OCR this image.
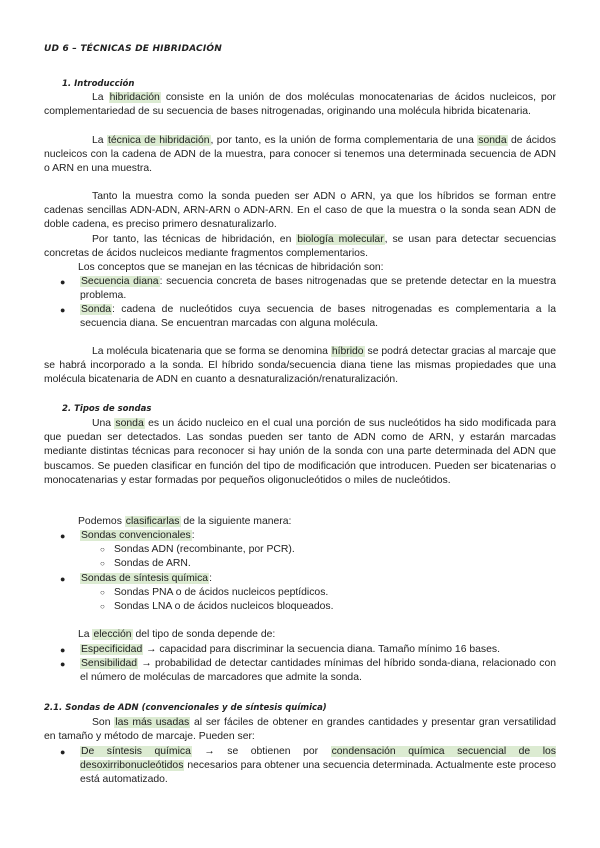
UD 6 – TÉCNICAS DE HIBRIDACIÓN
1. Introducción

La hibridación consiste en la unión de dos moléculas monocatenarias de ácidos nucleicos, por complementariedad de su secuencia de bases nitrogenadas, originando una molécula hibrida bicatenaria.

La técnica de hibridación, por tanto, es la unión de forma complementaria de una sonda de ácidos nucleicos con la cadena de ADN de la muestra, para conocer si tenemos una determinada secuencia de ADN o ARN en una muestra.

Tanto la muestra como la sonda pueden ser ADN o ARN, ya que los híbridos se forman entre cadenas sencillas ADN-ADN, ARN-ARN o ADN-ARN. En el caso de que la muestra o la sonda sean ADN de doble cadena, es preciso primero desnaturalizarlo.

Por tanto, las técnicas de hibridación, en biología molecular, se usan para detectar secuencias concretas de ácidos nucleicos mediante fragmentos complementarios.

Los conceptos que se manejan en las técnicas de hibridación son:

● Secuencia diana: secuencia concreta de bases nitrogenadas que se pretende detectar en la muestra problema.
● Sonda: cadena de nucleótidos cuya secuencia de bases nitrogenadas es complementaria a la secuencia diana. Se encuentran marcadas con alguna molécula.

La molécula bicatenaria que se forma se denomina híbrido se podrá detectar gracias al marcaje que se habrá incorporado a la sonda. El híbrido sonda/secuencia diana tiene las mismas propiedades que una molécula bicatenaria de ADN en cuanto a desnaturalización/renaturalización.

2. Tipos de sondas

Una sonda es un ácido nucleico en el cual una porción de sus nucleótidos ha sido modificada para que puedan ser detectados. Las sondas pueden ser tanto de ADN como de ARN, y estarán marcadas mediante distintas técnicas para reconocer si hay unión de la sonda con una parte determinada del ADN que buscamos. Se pueden clasificar en función del tipo de modificación que introducen. Pueden ser bicatenarias o monocatenarias y estar formadas por pequeños oligonucleótidos o miles de nucleótidos.

Podemos clasificarlas de la siguiente manera:

● Sondas convencionales:
○ Sondas ADN (recombinante, por PCR).
○ Sondas de ARN.
● Sondas de síntesis química:
○ Sondas PNA o de ácidos nucleicos peptídicos.
○ Sondas LNA o de ácidos nucleicos bloqueados.

La elección del tipo de sonda depende de:

● Especificidad → capacidad para discriminar la secuencia diana. Tamaño mínimo 16 bases.
● Sensibilidad → probabilidad de detectar cantidades mínimas del híbrido sonda-diana, relacionado con el número de moléculas de marcadores que admite la sonda.
2.1. Sondas de ADN (convencionales y de síntesis química)

Son las más usadas al ser fáciles de obtener en grandes cantidades y presentar gran versatilidad en tamaño y método de marcaje. Pueden ser:

● De síntesis química → se obtienen por condensación química secuencial de los desoxirribonucleótidos necesarios para obtener una secuencia determinada. Actualmente este proceso está automatizado.
